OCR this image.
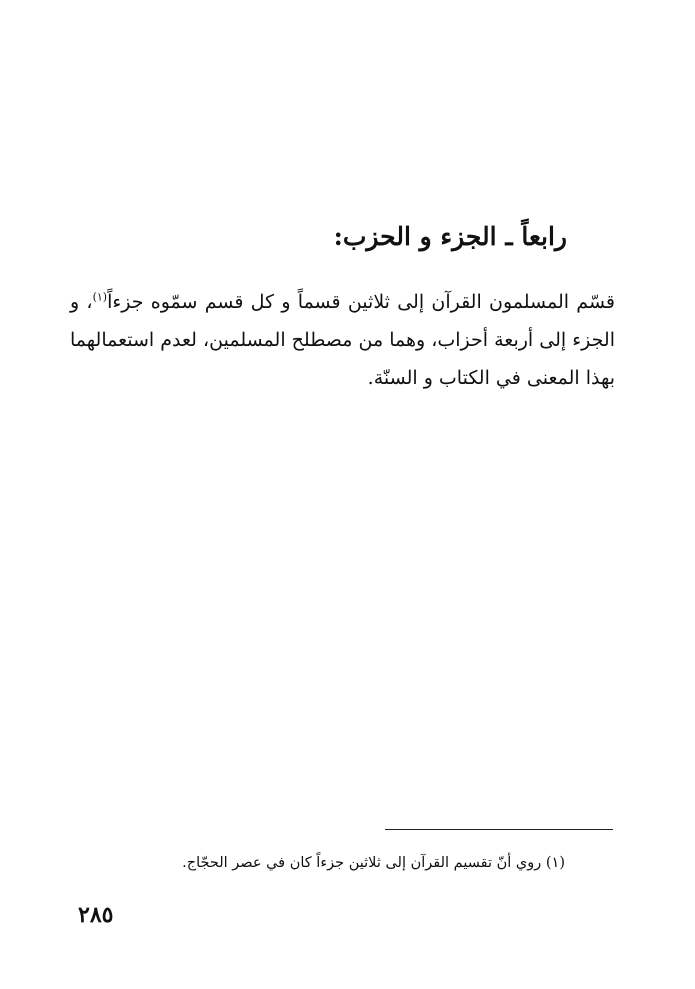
رابعاً ـ الجزء و الحزب:

قسّم المسلمون القرآن إلى ثلاثين قسماً و كل قسم سمّوه جزءاً$^{(١)}$، و الجزء إلى أربعة أحزاب، وهما من مصطلح المسلمين، لعدم استعمالهما بهذا المعنى في الكتاب و السنّة.

(١) روي أنّ تقسيم القرآن إلى ثلاثين جزءاً كان في عصر الحجّاج.

٢٨٥
